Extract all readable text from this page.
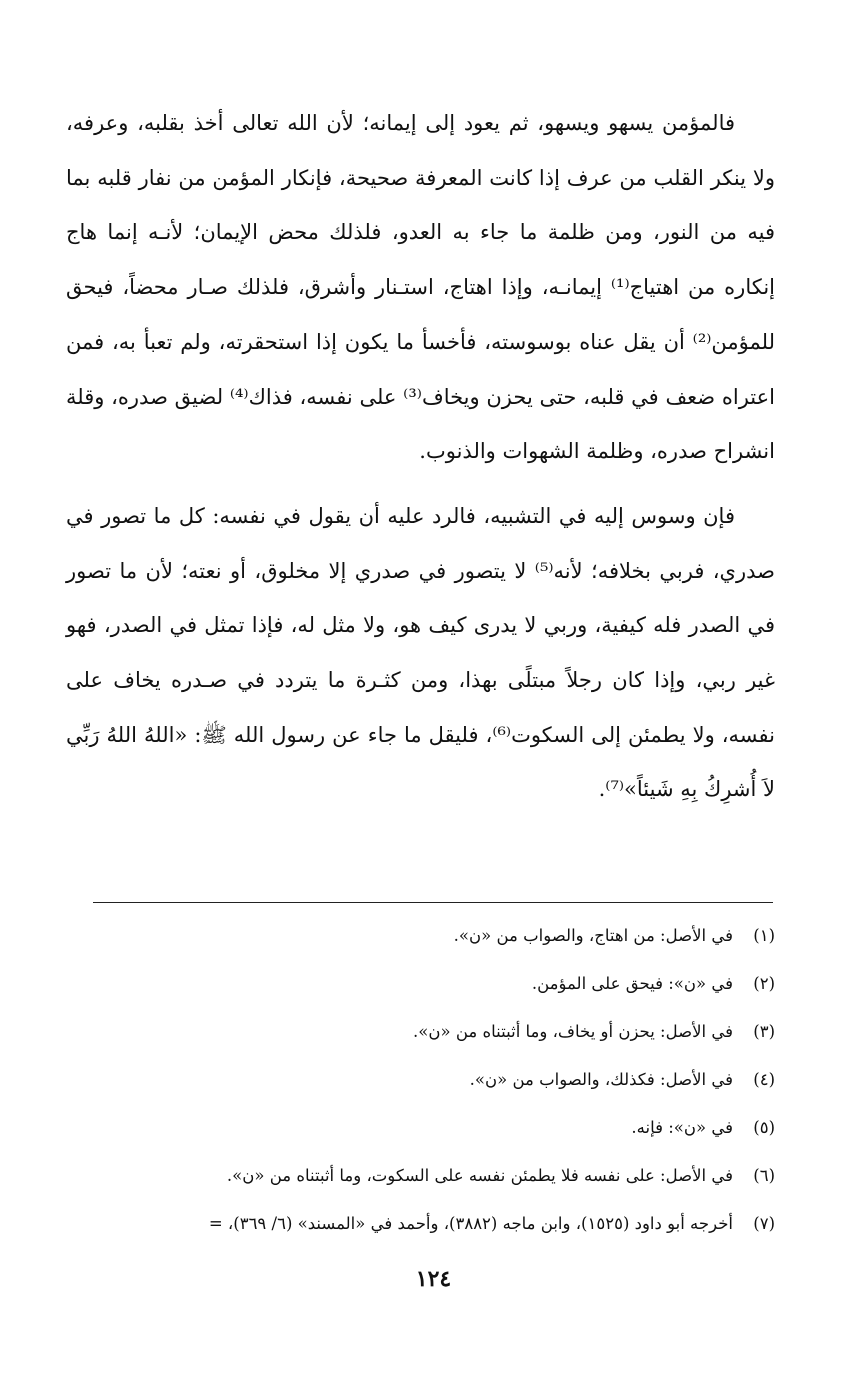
فالمؤمن يسهو ويسهو، ثم يعود إلى إيمانه؛ لأن الله تعالى أخذ بقلبه، وعرفه، ولا ينكر القلب من عرف إذا كانت المعرفة صحيحة، فإنكار المؤمن من نفار قلبه بما فيه من النور، ومن ظلمة ما جاء به العدو، فلذلك محض الإيمان؛ لأنـه إنما هاج إنكاره من اهتياج⁽¹⁾ إيمانـه، وإذا اهتاج، استـنار وأشرق، فلذلك صـار محضاً، فيحق للمؤمن⁽²⁾ أن يقل عناه بوسوسته، فأخسأ ما يكون إذا استحقرته، ولم تعبأ به، فمن اعتراه ضعف في قلبه، حتى يحزن ويخاف⁽³⁾ على نفسه، فذاك⁽⁴⁾ لضيق صدره، وقلة انشراح صدره، وظلمة الشهوات والذنوب.

فإن وسوس إليه في التشبيه، فالرد عليه أن يقول في نفسه: كل ما تصور في صدري، فربي بخلافه؛ لأنه⁽⁵⁾ لا يتصور في صدري إلا مخلوق، أو نعته؛ لأن ما تصور في الصدر فله كيفية، وربي لا يدرى كيف هو، ولا مثل له، فإذا تمثل في الصدر، فهو غير ربي، وإذا كان رجلاً مبتلًى بهذا، ومن كثـرة ما يتردد في صـدره يخاف على نفسه، ولا يطمئن إلى السكوت⁽⁶⁾، فليقل ما جاء عن رسول الله ﷺ: «اللهُ اللهُ رَبِّي لاَ أُشرِكُ بِهِ شَيئاً»⁽⁷⁾.

(١)
في الأصل: من اهتاج، والصواب من «ن».
(٢)
في «ن»: فيحق على المؤمن.
(٣)
في الأصل: يحزن أو يخاف، وما أثبتناه من «ن».
(٤)
في الأصل: فكذلك، والصواب من «ن».
(٥)
في «ن»: فإنه.
(٦)
في الأصل: على نفسه فلا يطمئن نفسه على السكوت، وما أثبتناه من «ن».
(٧)
أخرجه أبو داود (١٥٢٥)، وابن ماجه (٣٨٨٢)، وأحمد في «المسند» (٦/ ٣٦٩)، =
١٢٤
